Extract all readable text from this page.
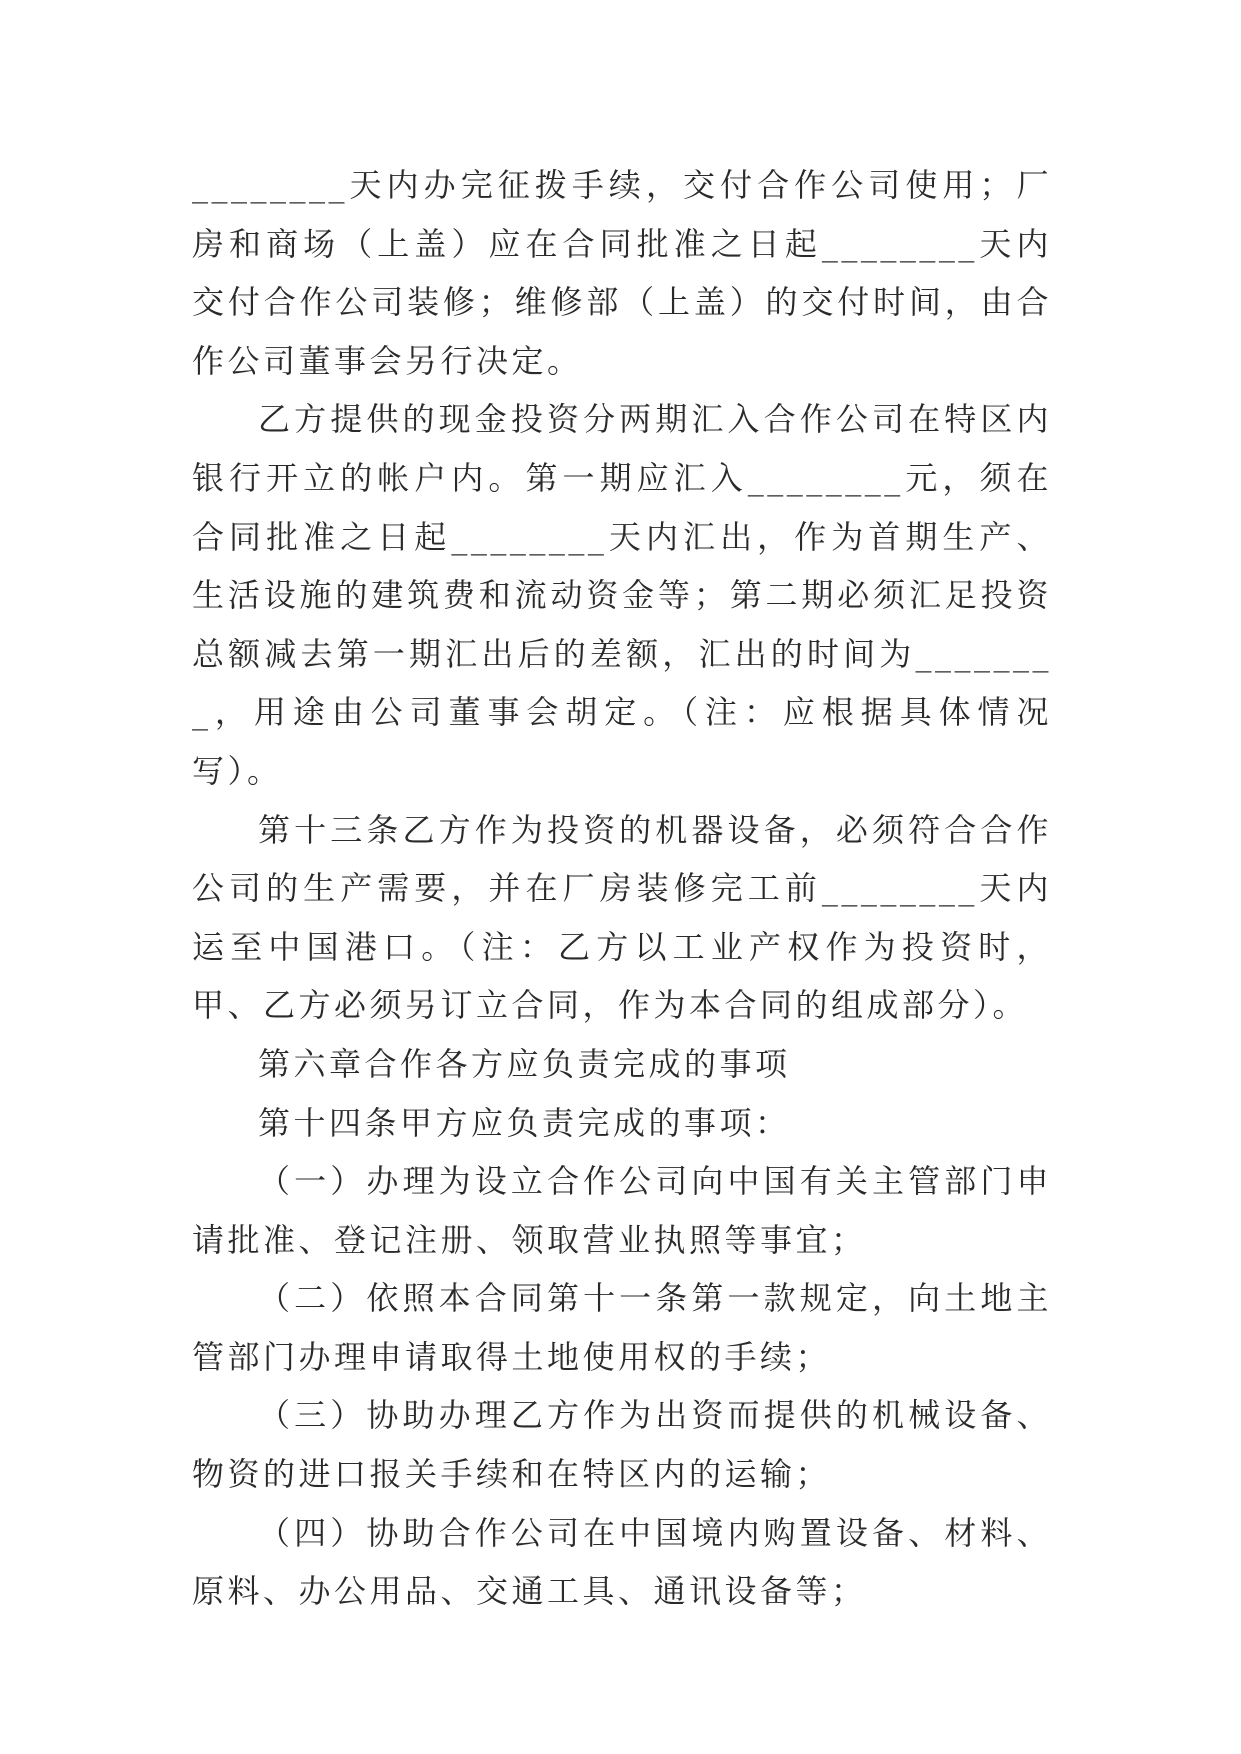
________天内办完征拨手续，交付合作公司使用；厂房和商场（上盖）应在合同批准之日起________天内交付合作公司装修；维修部（上盖）的交付时间，由合作公司董事会另行决定。

乙方提供的现金投资分两期汇入合作公司在特区内银行开立的帐户内。第一期应汇入________元，须在合同批准之日起________天内汇出，作为首期生产、生活设施的建筑费和流动资金等；第二期必须汇足投资总额减去第一期汇出后的差额，汇出的时间为________，用途由公司董事会胡定。（注：应根据具体情况写）。

第十三条乙方作为投资的机器设备，必须符合合作公司的生产需要，并在厂房装修完工前________天内运至中国港口。（注：乙方以工业产权作为投资时，甲、乙方必须另订立合同，作为本合同的组成部分）。

第六章合作各方应负责完成的事项

第十四条甲方应负责完成的事项：

（一）办理为设立合作公司向中国有关主管部门申请批准、登记注册、领取营业执照等事宜；

（二）依照本合同第十一条第一款规定，向土地主管部门办理申请取得土地使用权的手续；

（三）协助办理乙方作为出资而提供的机械设备、物资的进口报关手续和在特区内的运输；

（四）协助合作公司在中国境内购置设备、材料、原料、办公用品、交通工具、通讯设备等；
